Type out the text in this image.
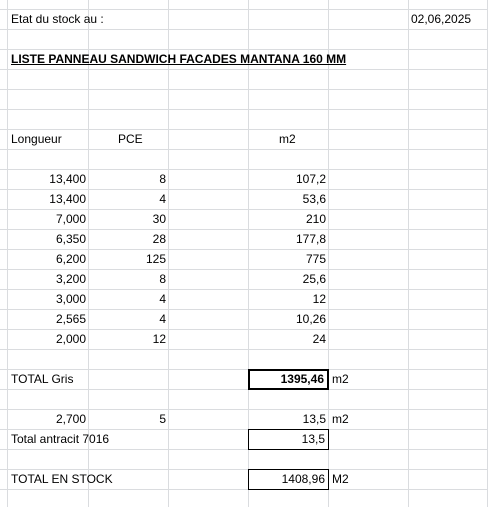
Etat du stock au :	02,06,2025
LISTE PANNEAU SANDWICH FACADES MANTANA 160 MM
Longueur	PCE	m2
13,400	8	107,2
13,400	4	53,6
7,000	30	210
6,350	28	177,8
6,200	125	775
3,200	8	25,6
3,000	4	12
2,565	4	10,26
2,000	12	24
TOTAL Gris	1395,46 m2
2,700	5	13,5 m2
Total antracit 7016	13,5
TOTAL EN STOCK	1408,96 M2
